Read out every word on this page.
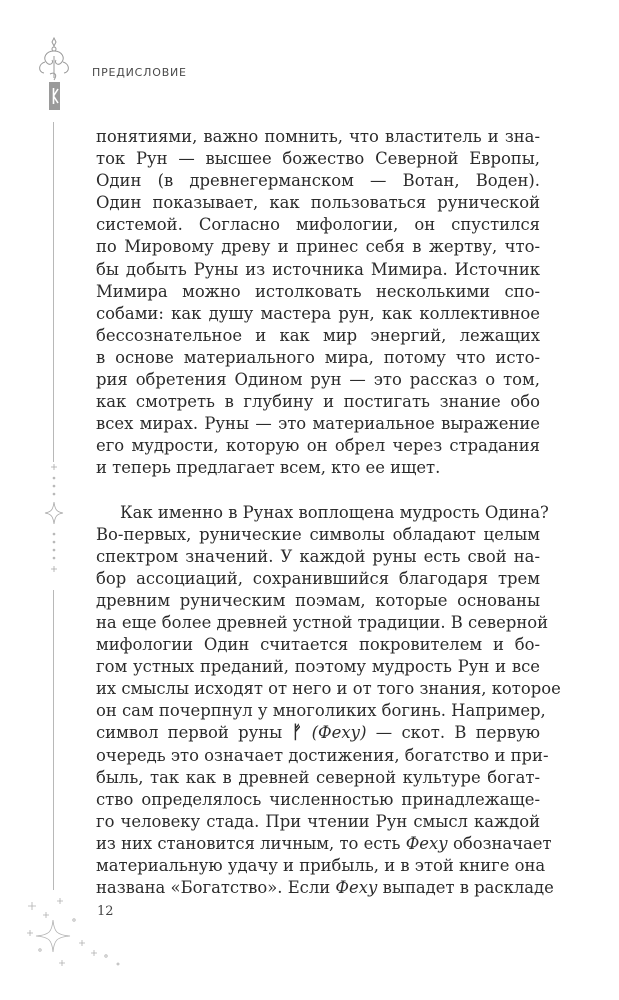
ПРЕДИСЛОВИЕ

понятиями, важно помнить, что властитель и зна-
ток Рун — высшее божество Северной Европы,
Один (в древнегерманском — Вотан, Воден).
Один показывает, как пользоваться рунической
системой. Согласно мифологии, он спустился
по Мировому древу и принес себя в жертву, что-
бы добыть Руны из источника Мимира. Источник
Мимира можно истолковать несколькими спо-
собами: как душу мастера рун, как коллективное
бессознательное и как мир энергий, лежащих
в основе материального мира, потому что исто-
рия обретения Одином рун — это рассказ о том,
как смотреть в глубину и постигать знание обо
всех мирах. Руны — это материальное выражение
его мудрости, которую он обрел через страдания
и теперь предлагает всем, кто ее ищет.

Как именно в Рунах воплощена мудрость Одина?
Во-первых, рунические символы обладают целым
спектром значений. У каждой руны есть свой на-
бор ассоциаций, сохранившийся благодаря трем
древним руническим поэмам, которые основаны
на еще более древней устной традиции. В северной
мифологии Один считается покровителем и бо-
гом устных преданий, поэтому мудрость Рун и все
их смыслы исходят от него и от того знания, которое
он сам почерпнул у многоликих богинь. Например,
символ первой руны ᚠ (Феху) — скот. В первую
очередь это означает достижения, богатство и при-
быль, так как в древней северной культуре богат-
ство определялось численностью принадлежаще-
го человеку стада. При чтении Рун смысл каждой
из них становится личным, то есть Феху обозначает
материальную удачу и прибыль, и в этой книге она
названа «Богатство». Если Феху выпадет в раскладе

12
